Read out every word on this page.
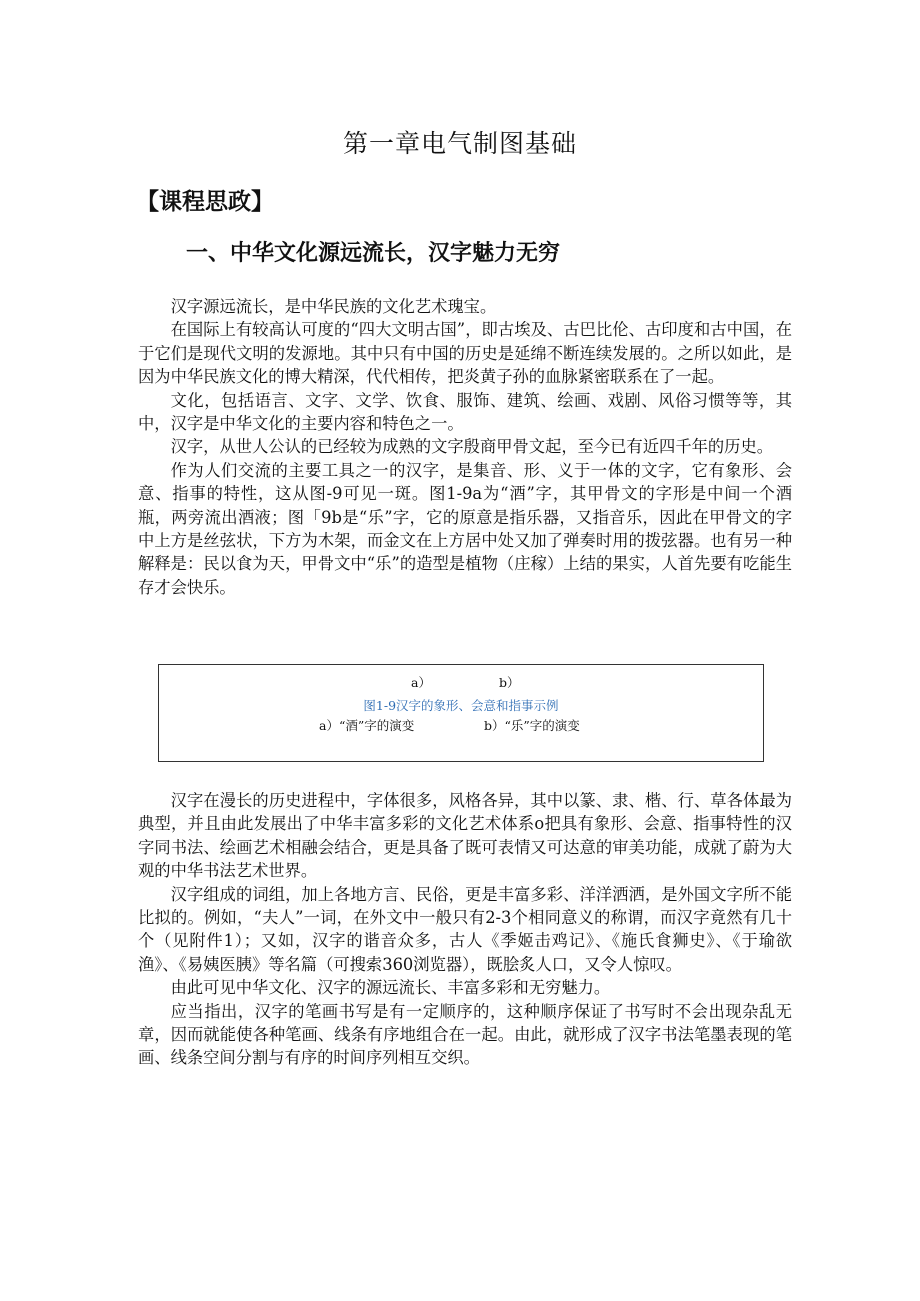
第一章电气制图基础
【课程思政】
一、中华文化源远流长，汉字魅力无穷

汉字源远流长，是中华民族的文化艺术瑰宝。

在国际上有较高认可度的“四大文明古国”，即古埃及、古巴比伦、古印度和古中国，在于它们是现代文明的发源地。其中只有中国的历史是延绵不断连续发展的。之所以如此，是因为中华民族文化的博大精深，代代相传，把炎黄子孙的血脉紧密联系在了一起。

文化，包括语言、文字、文学、饮食、服饰、建筑、绘画、戏剧、风俗习惯等等，其中，汉字是中华文化的主要内容和特色之一。

汉字，从世人公认的已经较为成熟的文字殷商甲骨文起，至今已有近四千年的历史。

作为人们交流的主要工具之一的汉字，是集音、形、义于一体的文字，它有象形、会意、指事的特性，这从图-9可见一斑。图1-9a为“酒”字，其甲骨文的字形是中间一个酒瓶，两旁流出酒液；图「9b是“乐”字，它的原意是指乐器，又指音乐，因此在甲骨文的字中上方是丝弦状，下方为木架，而金文在上方居中处又加了弹奏时用的拨弦器。也有另一种解释是：民以食为天，甲骨文中“乐”的造型是植物（庄稼）上结的果实，人首先要有吃能生存才会快乐。

a）	b）
图1-9汉字的象形、会意和指事示例
a）“酒”字的演变	b）“乐”字的演变

汉字在漫长的历史进程中，字体很多，风格各异，其中以篆、隶、楷、行、草各体最为典型，并且由此发展出了中华丰富多彩的文化艺术体系o把具有象形、会意、指事特性的汉字同书法、绘画艺术相融会结合，更是具备了既可表情又可达意的审美功能，成就了蔚为大观的中华书法艺术世界。

汉字组成的词组，加上各地方言、民俗，更是丰富多彩、洋洋洒洒，是外国文字所不能比拟的。例如，“夫人”一词，在外文中一般只有2-3个相同意义的称谓，而汉字竟然有几十个（见附件1）；又如，汉字的谐音众多，古人《季姬击鸡记》、《施氏食狮史》、《于瑜欲渔》、《易姨医胰》等名篇（可搜索360浏览器），既脍炙人口，又令人惊叹。

由此可见中华文化、汉字的源远流长、丰富多彩和无穷魅力。

应当指出，汉字的笔画书写是有一定顺序的，这种顺序保证了书写时不会出现杂乱无章，因而就能使各种笔画、线条有序地组合在一起。由此，就形成了汉字书法笔墨表现的笔画、线条空间分割与有序的时间序列相互交织。
